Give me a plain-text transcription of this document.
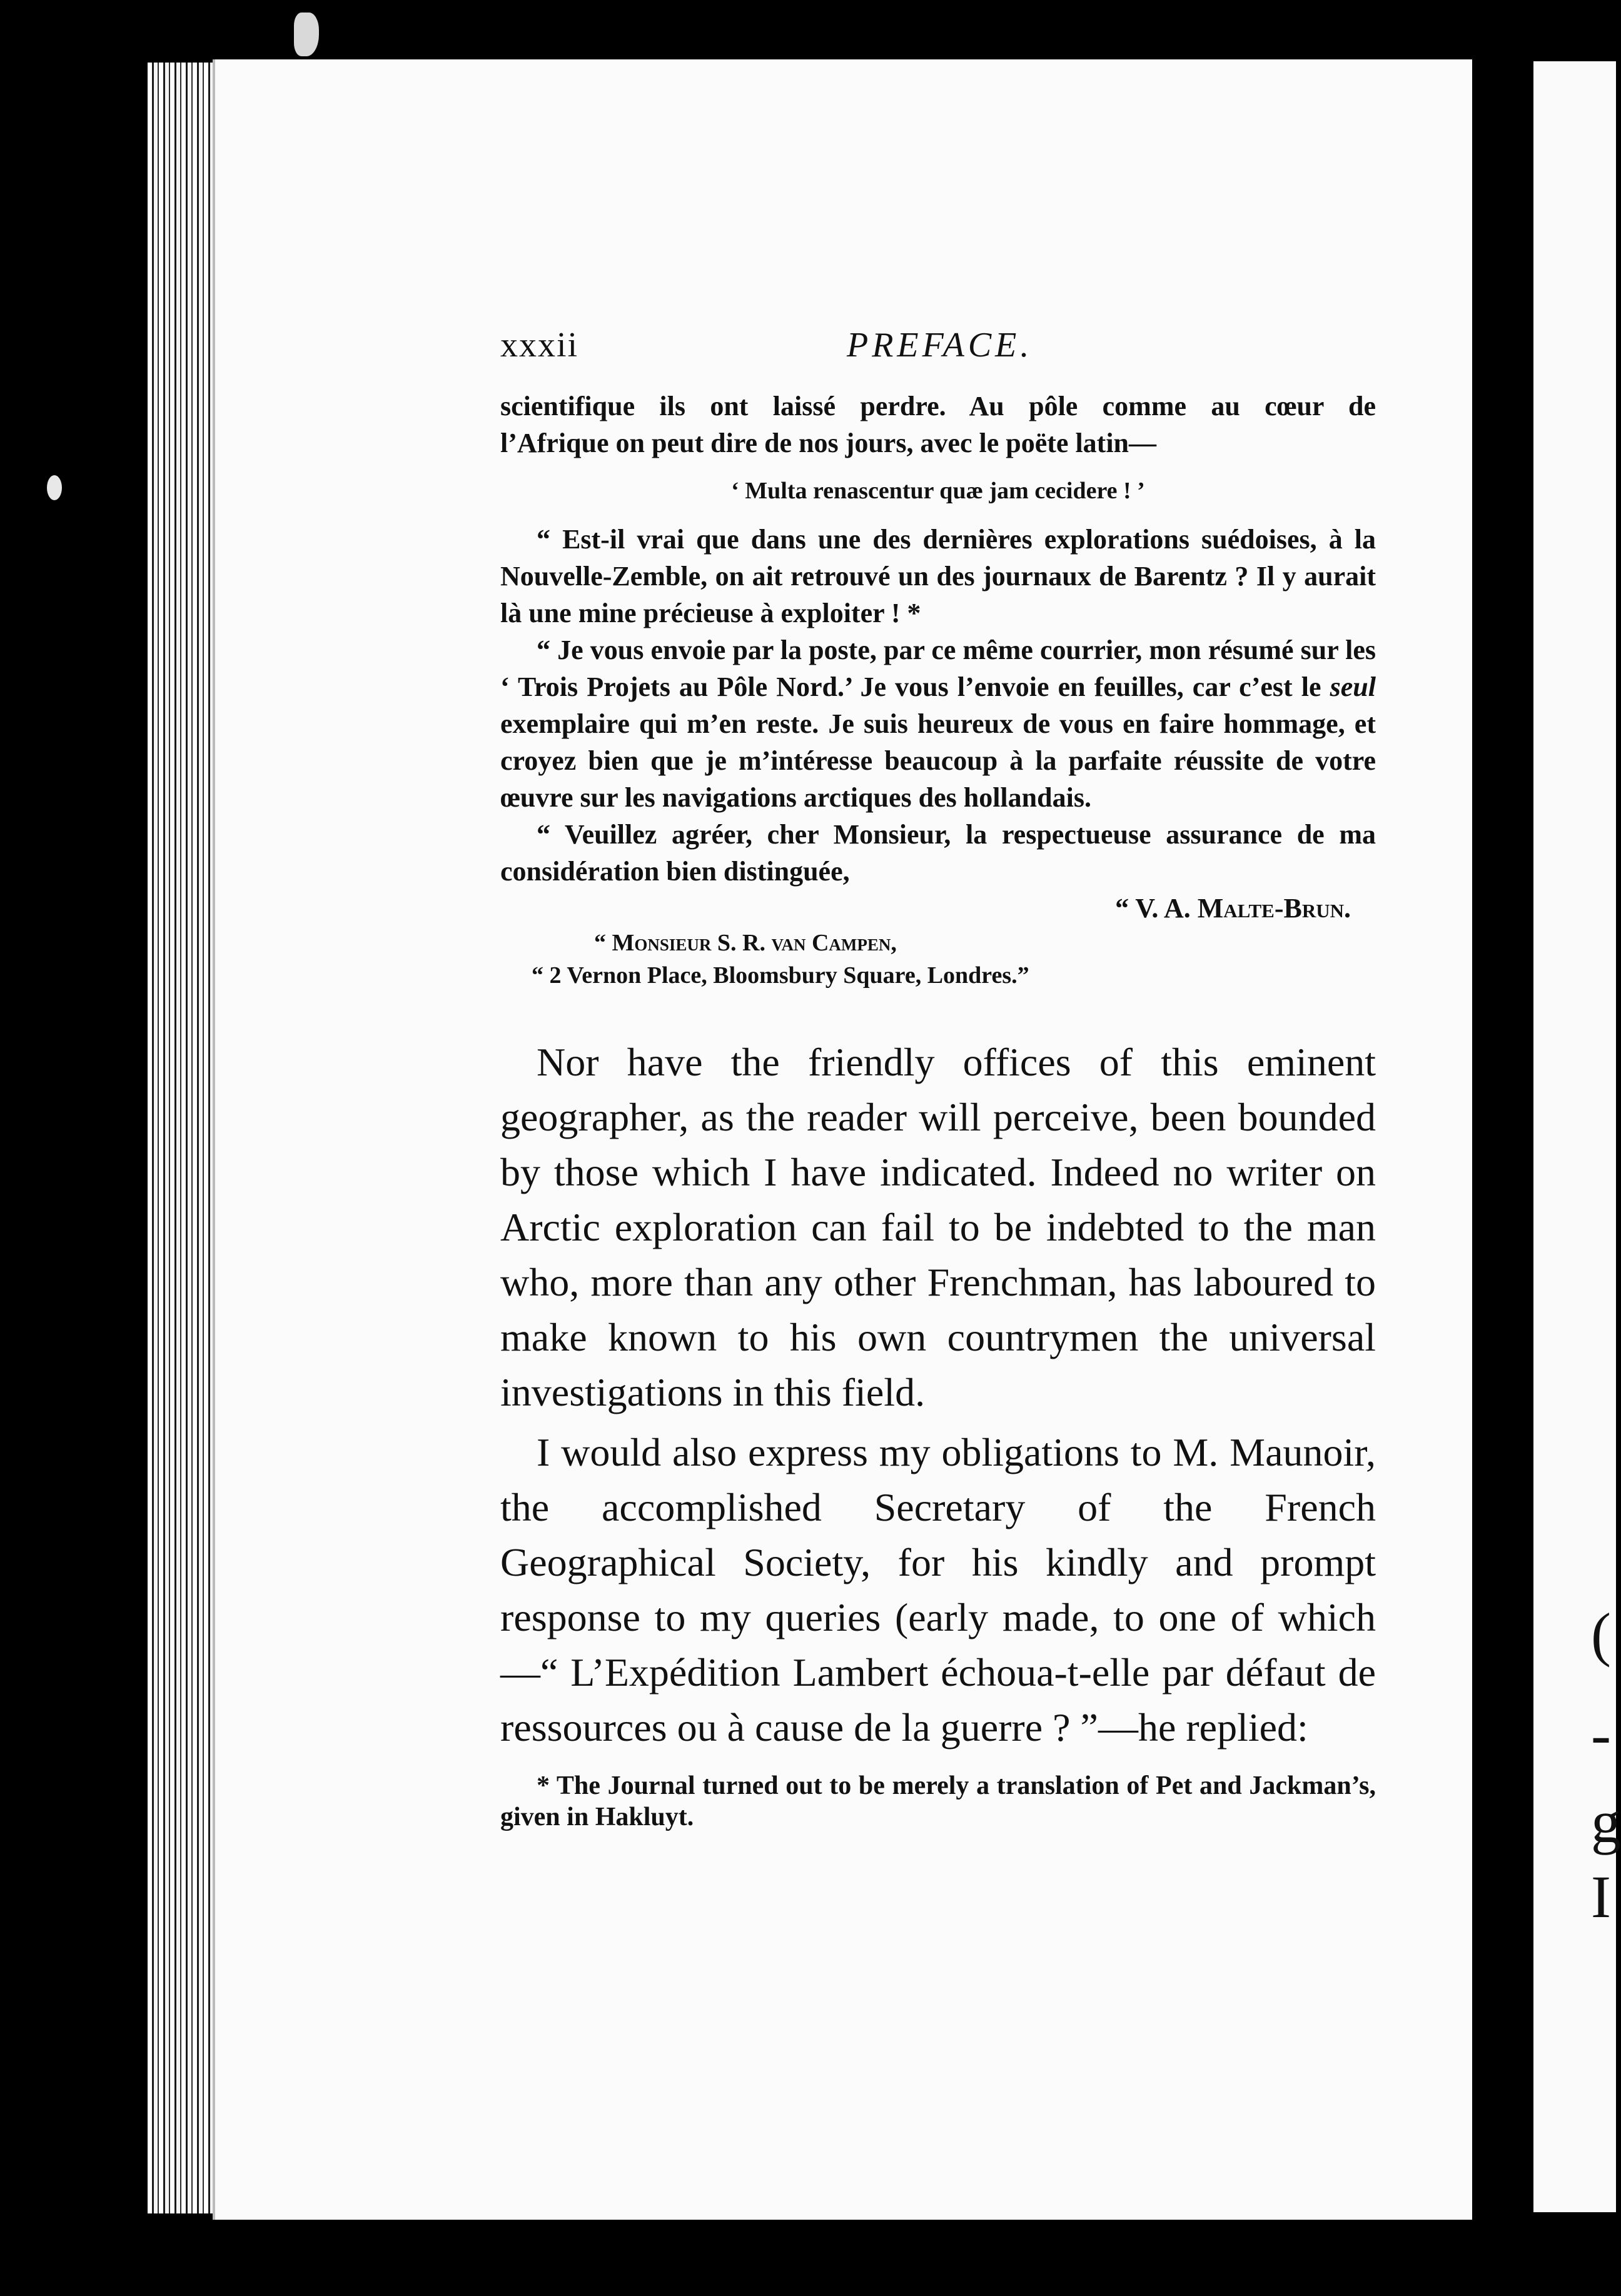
(
-
g
I
xxxii	PREFACE.

scientifique ils ont laissé perdre. Au pôle comme au cœur de

l’Afrique on peut dire de nos jours, avec le poëte latin—

‘ Multa renascentur quæ jam cecidere ! ’

“ Est-il vrai que dans une des dernières explorations suédoises, à la Nouvelle-Zemble, on ait retrouvé un des journaux de Barentz ? Il y aurait là une mine précieuse à exploiter ! *

“ Je vous envoie par la poste, par ce même courrier, mon résumé sur les ‘ Trois Projets au Pôle Nord.’ Je vous l’envoie en feuilles, car c’est le seul exemplaire qui m’en reste. Je suis heureux de vous en faire hommage, et croyez bien que je m’intéresse beaucoup à la parfaite réussite de votre œuvre sur les navigations arctiques des hollandais.

“ Veuillez agréer, cher Monsieur, la respectueuse assurance de ma considération bien distinguée,

“ V. A. Malte-Brun.

“ Monsieur S. R. van Campen,

“ 2 Vernon Place, Bloomsbury Square, Londres.”

Nor have the friendly offices of this eminent geographer, as the reader will perceive, been bounded by those which I have indicated. Indeed no writer on Arctic exploration can fail to be indebted to the man who, more than any other Frenchman, has laboured to make known to his own countrymen the universal investigations in this field.

I would also express my obligations to M. Maunoir, the accomplished Secretary of the French Geographical Society, for his kindly and prompt response to my queries (early made, to one of which —“ L’Expédition Lambert échoua-t-elle par défaut de ressources ou à cause de la guerre ? ”—he replied:

* The Journal turned out to be merely a translation of Pet and Jackman’s, given in Hakluyt.
